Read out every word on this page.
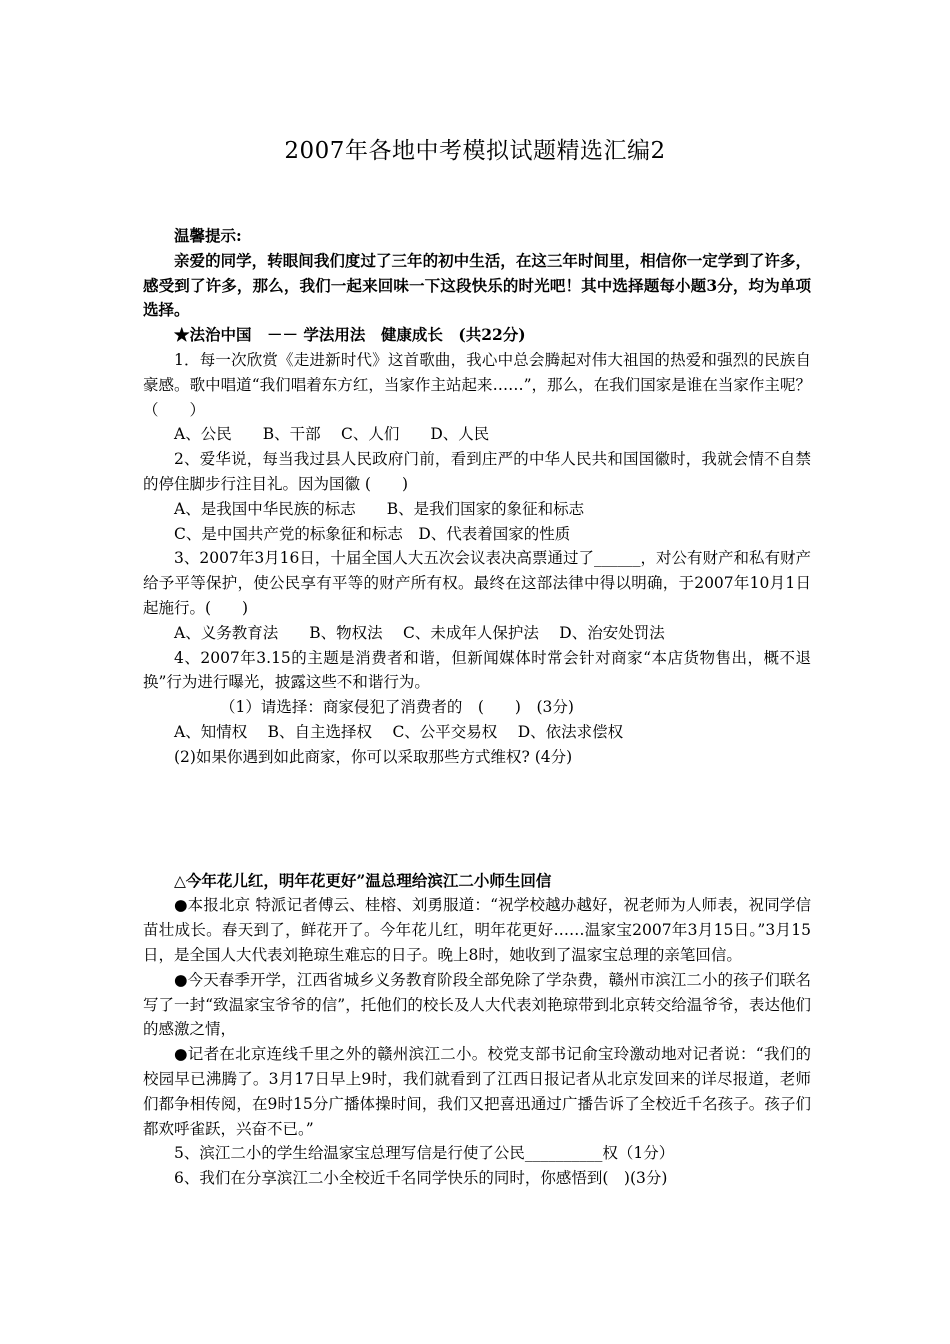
2007年各地中考模拟试题精选汇编2

温馨提示:

亲爱的同学，转眼间我们度过了三年的初中生活，在这三年时间里，相信你一定学到了许多，感受到了许多，那么，我们一起来回味一下这段快乐的时光吧！其中选择题每小题3分，均为单项选择。

★法治中国　－－ 学法用法　健康成长　(共22分)

1．每一次欣赏《走进新时代》这首歌曲，我心中总会腾起对伟大祖国的热爱和强烈的民族自豪感。歌中唱道“我们唱着东方红，当家作主站起来……”，那么，在我们国家是谁在当家作主呢？（　　）

A、公民　　B、干部　 C、人们　　D、人民

2、爱华说，每当我过县人民政府门前，看到庄严的中华人民共和国国徽时，我就会情不自禁的停住脚步行注目礼。因为国徽 (　　)

A、是我国中华民族的标志　　B、是我们国家的象征和标志

C、是中国共产党的标象征和标志　D、代表着国家的性质

3、2007年3月16日，十届全国人大五次会议表决高票通过了______，对公有财产和私有财产给予平等保护，使公民享有平等的财产所有权。最终在这部法律中得以明确，于2007年10月1日起施行。(　　)

A、义务教育法　　B、物权法　 C、未成年人保护法　 D、治安处罚法

4、2007年3.15的主题是消费者和谐，但新闻媒体时常会针对商家“本店货物售出，概不退换”行为进行曝光，披露这些不和谐行为。

（1）请选择：商家侵犯了消费者的　(　　)　(3分)

A、知情权　 B、自主选择权　 C、公平交易权　 D、依法求偿权

(2)如果你遇到如此商家，你可以采取那些方式维权? (4分)

△今年花儿红，明年花更好”温总理给滨江二小师生回信

●本报北京 特派记者傅云、桂榕、刘勇服道：“祝学校越办越好，祝老师为人师表，祝同学信苗壮成长。春天到了，鲜花开了。今年花儿红，明年花更好……温家宝2007年3月15日。”3月15日，是全国人大代表刘艳琼生难忘的日子。晚上8时，她收到了温家宝总理的亲笔回信。

●今天春季开学，江西省城乡义务教育阶段全部免除了学杂费，赣州市滨江二小的孩子们联名写了一封“致温家宝爷爷的信”，托他们的校长及人大代表刘艳琼带到北京转交给温爷爷，表达他们的感激之情，

●记者在北京连线千里之外的赣州滨江二小。校党支部书记俞宝玲激动地对记者说：“我们的校园早已沸腾了。3月17日早上9时，我们就看到了江西日报记者从北京发回来的详尽报道，老师们都争相传阅，在9时15分广播体操时间，我们又把喜迅通过广播告诉了全校近千名孩子。孩子们都欢呼雀跃，兴奋不已。”

5、滨江二小的学生给温家宝总理写信是行使了公民__________权（1分）

6、我们在分享滨江二小全校近千名同学快乐的同时，你感悟到(　)(3分)
